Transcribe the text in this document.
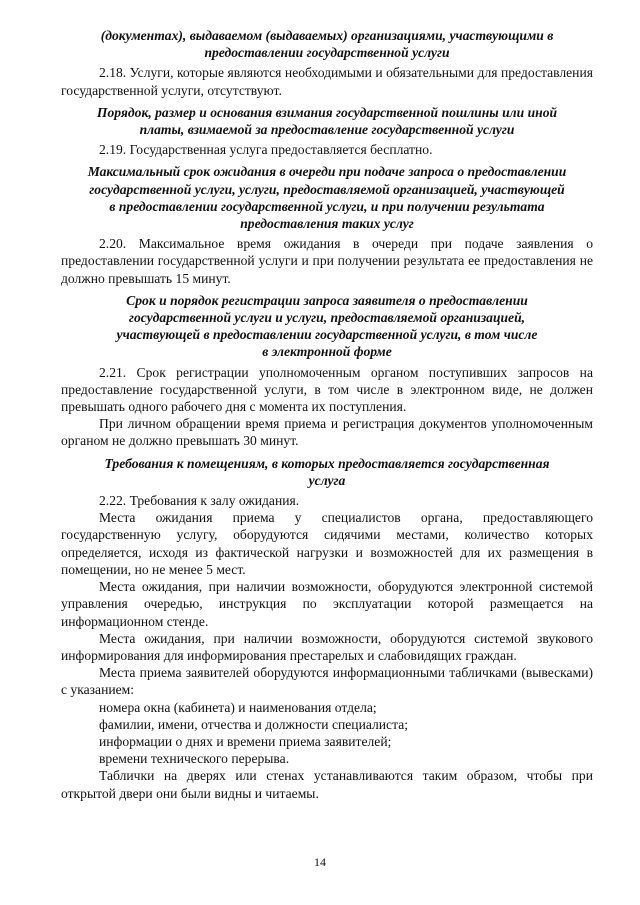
(документах), выдаваемом (выдаваемых) организациями, участвующими в
предоставлении государственной услуги

2.18. Услуги, которые являются необходимыми и обязательными для предоставления государственной услуги, отсутствуют.

Порядок, размер и основания взимания государственной пошлины или иной
платы, взимаемой за предоставление государственной услуги

2.19. Государственная услуга предоставляется бесплатно.

Максимальный срок ожидания в очереди при подаче запроса о предоставлении
государственной услуги, услуги, предоставляемой организацией, участвующей
в предоставлении государственной услуги, и при получении результата
предоставления таких услуг

2.20. Максимальное время ожидания в очереди при подаче заявления о предоставлении государственной услуги и при получении результата ее предоставления не должно превышать 15 минут.

Срок и порядок регистрации запроса заявителя о предоставлении
государственной услуги и услуги, предоставляемой организацией,
участвующей в предоставлении государственной услуги, в том числе
в электронной форме

2.21. Срок регистрации уполномоченным органом поступивших запросов на предоставление государственной услуги, в том числе в электронном виде, не должен превышать одного рабочего дня с момента их поступления.

При личном обращении время приема и регистрация документов уполномоченным органом не должно превышать 30 минут.

Требования к помещениям, в которых предоставляется государственная
услуга

2.22. Требования к залу ожидания.

Места ожидания приема у специалистов органа, предоставляющего государственную услугу, оборудуются сидячими местами, количество которых определяется, исходя из фактической нагрузки и возможностей для их размещения в помещении, но не менее 5 мест.

Места ожидания, при наличии возможности, оборудуются электронной системой управления очередью, инструкция по эксплуатации которой размещается на информационном стенде.

Места ожидания, при наличии возможности, оборудуются системой звукового информирования для информирования престарелых и слабовидящих граждан.

Места приема заявителей оборудуются информационными табличками (вывесками) с указанием:

номера окна (кабинета) и наименования отдела;

фамилии, имени, отчества и должности специалиста;

информации о днях и времени приема заявителей;

времени технического перерыва.

Таблички на дверях или стенах устанавливаются таким образом, чтобы при открытой двери они были видны и читаемы.

14
